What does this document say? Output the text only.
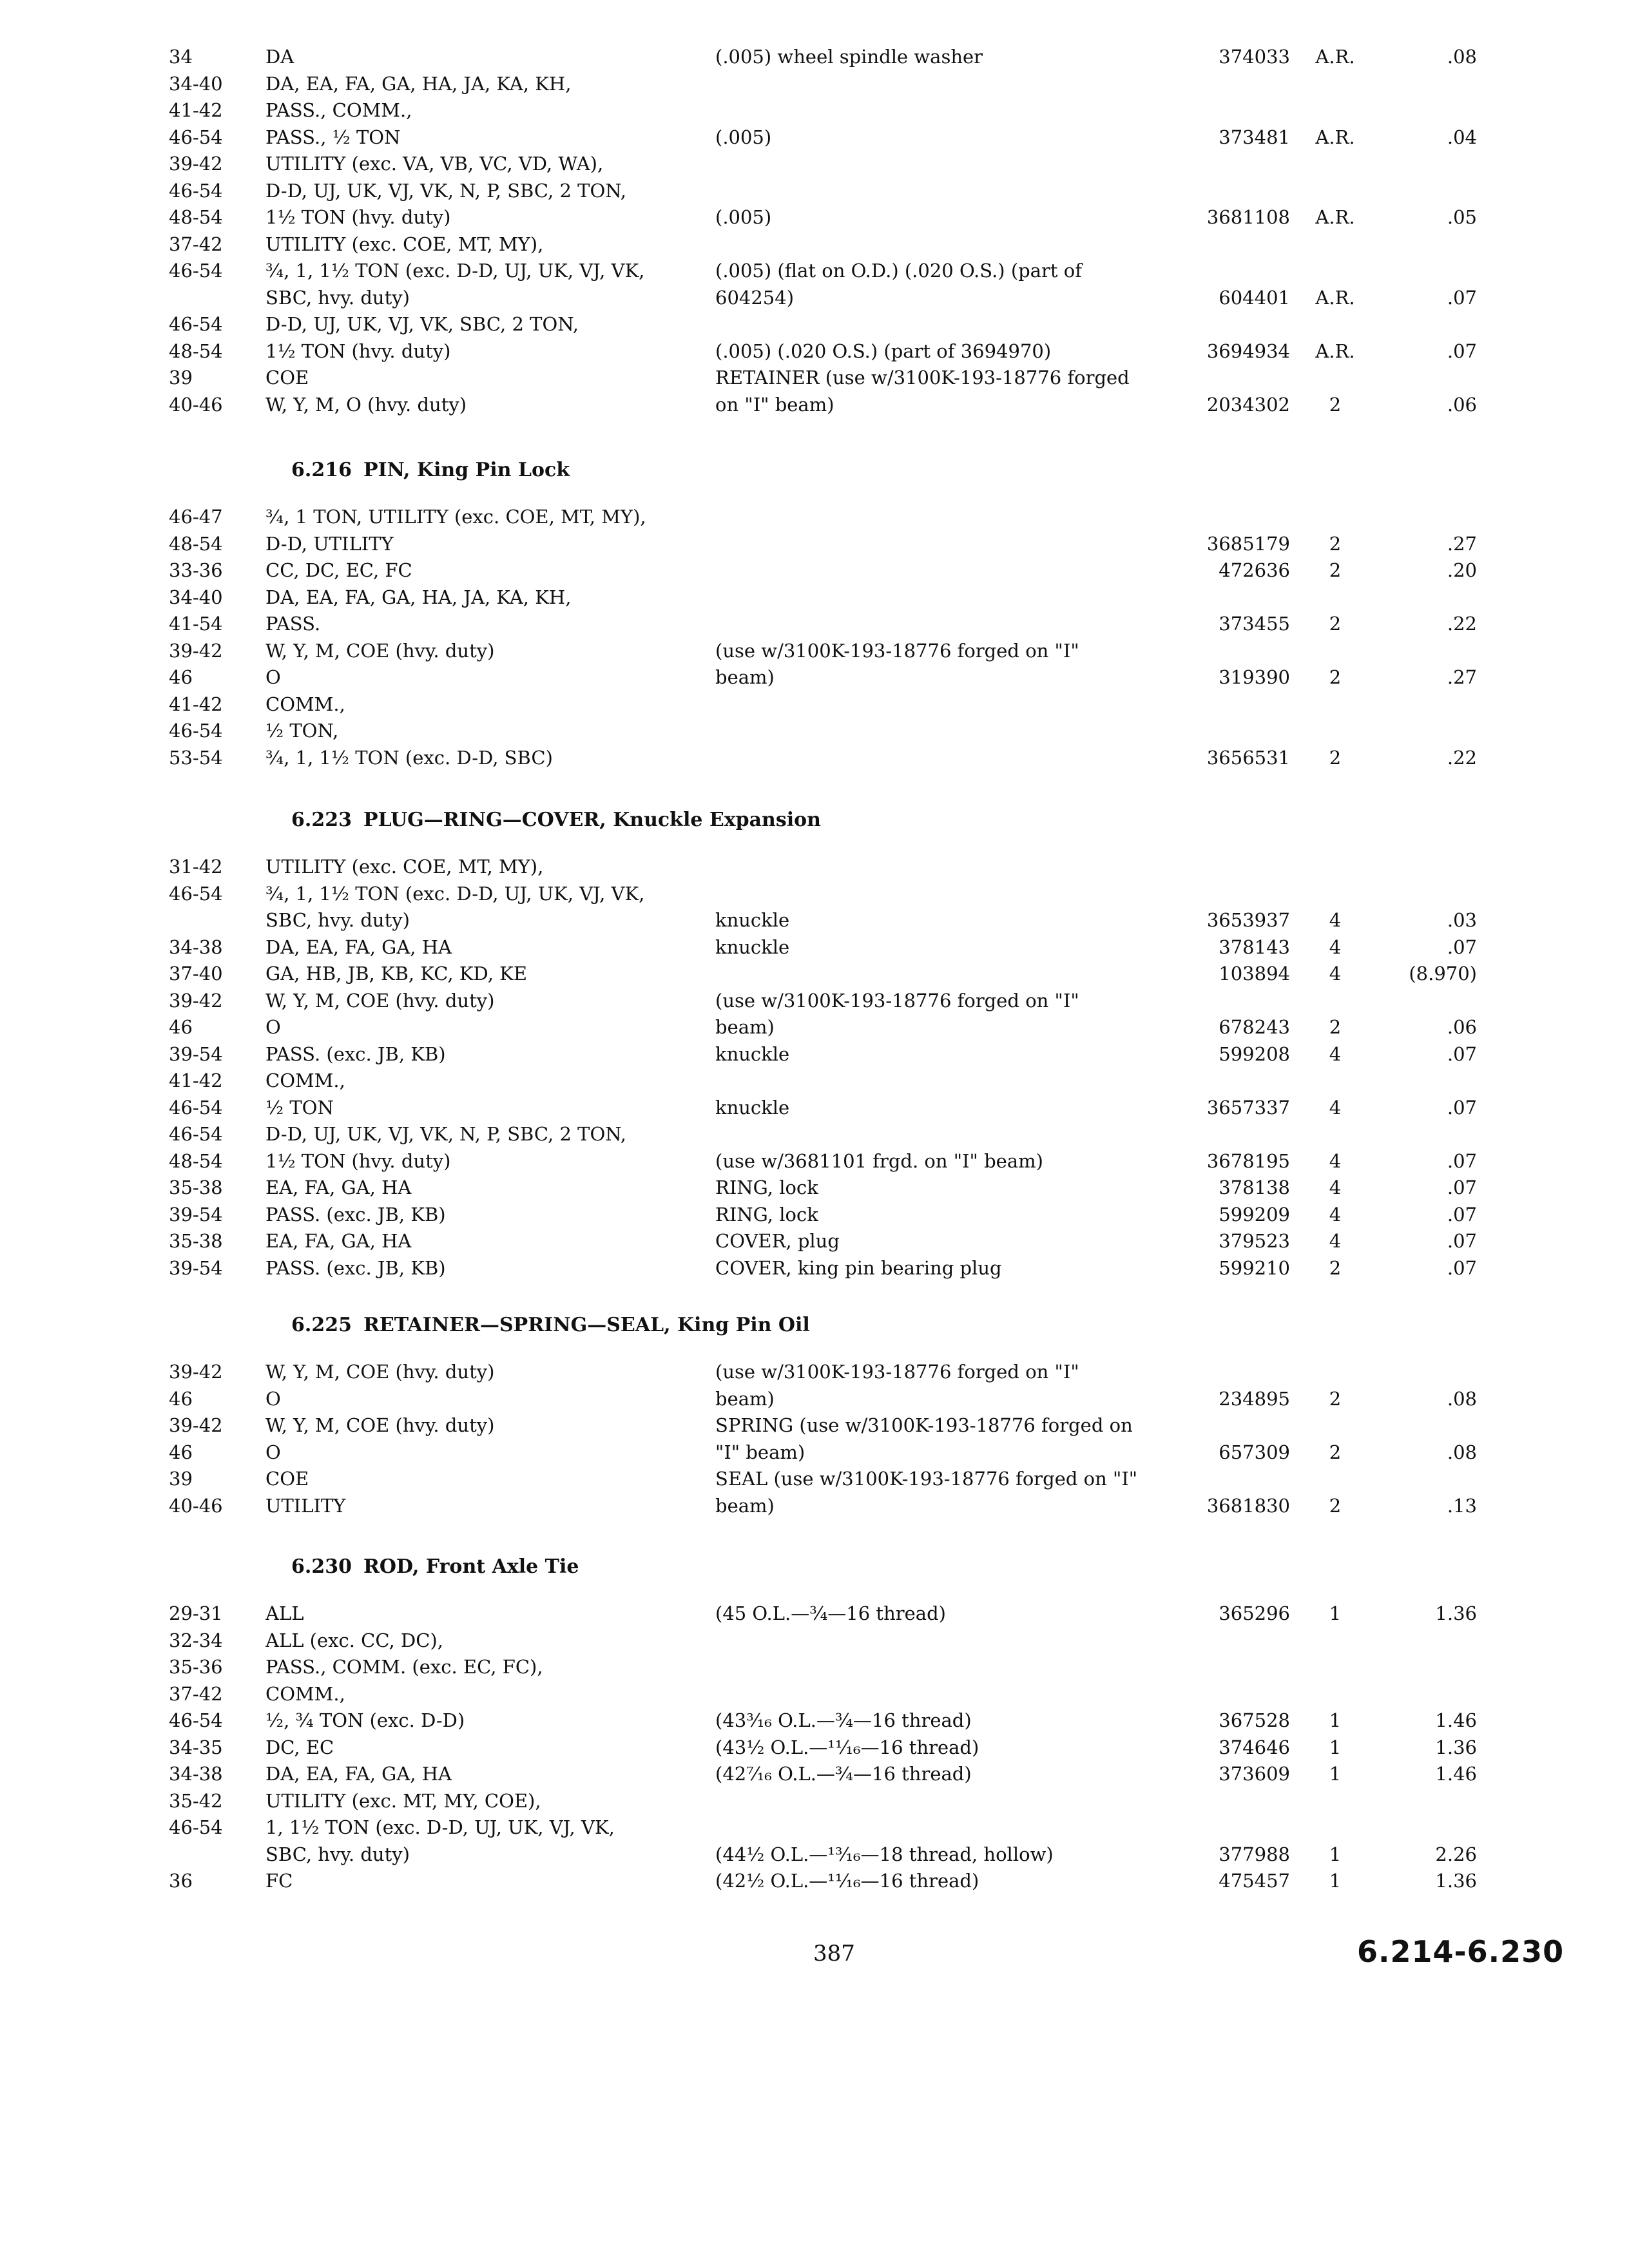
34	DA	(.005) wheel spindle washer	374033	A.R.	.08
34-40	DA, EA, FA, GA, HA, JA, KA, KH,
41-42	PASS., COMM.,
46-54	PASS., ½ TON	(.005)	373481	A.R.	.04
39-42	UTILITY (exc. VA, VB, VC, VD, WA),
46-54	D-D, UJ, UK, VJ, VK, N, P, SBC, 2 TON,
48-54	1½ TON (hvy. duty)	(.005)	3681108	A.R.	.05
37-42	UTILITY (exc. COE, MT, MY),
46-54	¾, 1, 1½ TON (exc. D-D, UJ, UK, VJ, VK,	(.005) (flat on O.D.) (.020 O.S.) (part of
SBC, hvy. duty)	604254)	604401	A.R.	.07
46-54	D-D, UJ, UK, VJ, VK, SBC, 2 TON,
48-54	1½ TON (hvy. duty)	(.005) (.020 O.S.) (part of 3694970)	3694934	A.R.	.07
39	COE	RETAINER (use w/3100K-193-18776 forged
40-46	W, Y, M, O (hvy. duty)	on "I" beam)	2034302	2	.06
6.216 PIN, King Pin Lock
46-47	¾, 1 TON, UTILITY (exc. COE, MT, MY),
48-54	D-D, UTILITY	3685179	2	.27
33-36	CC, DC, EC, FC	472636	2	.20
34-40	DA, EA, FA, GA, HA, JA, KA, KH,
41-54	PASS.	373455	2	.22
39-42	W, Y, M, COE (hvy. duty)	(use w/3100K-193-18776 forged on "I"
46	O	beam)	319390	2	.27
41-42	COMM.,
46-54	½ TON,
53-54	¾, 1, 1½ TON (exc. D-D, SBC)	3656531	2	.22
6.223 PLUG—RING—COVER, Knuckle Expansion
31-42	UTILITY (exc. COE, MT, MY),
46-54	¾, 1, 1½ TON (exc. D-D, UJ, UK, VJ, VK,
SBC, hvy. duty)	knuckle	3653937	4	.03
34-38	DA, EA, FA, GA, HA	knuckle	378143	4	.07
37-40	GA, HB, JB, KB, KC, KD, KE	103894	4	(8.970)
39-42	W, Y, M, COE (hvy. duty)	(use w/3100K-193-18776 forged on "I"
46	O	beam)	678243	2	.06
39-54	PASS. (exc. JB, KB)	knuckle	599208	4	.07
41-42	COMM.,
46-54	½ TON	knuckle	3657337	4	.07
46-54	D-D, UJ, UK, VJ, VK, N, P, SBC, 2 TON,
48-54	1½ TON (hvy. duty)	(use w/3681101 frgd. on "I" beam)	3678195	4	.07
35-38	EA, FA, GA, HA	RING, lock	378138	4	.07
39-54	PASS. (exc. JB, KB)	RING, lock	599209	4	.07
35-38	EA, FA, GA, HA	COVER, plug	379523	4	.07
39-54	PASS. (exc. JB, KB)	COVER, king pin bearing plug	599210	2	.07
6.225 RETAINER—SPRING—SEAL, King Pin Oil
39-42	W, Y, M, COE (hvy. duty)	(use w/3100K-193-18776 forged on "I"
46	O	beam)	234895	2	.08
39-42	W, Y, M, COE (hvy. duty)	SPRING (use w/3100K-193-18776 forged on
46	O	"I" beam)	657309	2	.08
39	COE	SEAL (use w/3100K-193-18776 forged on "I"
40-46	UTILITY	beam)	3681830	2	.13
6.230 ROD, Front Axle Tie
29-31	ALL	(45 O.L.—¾—16 thread)	365296	1	1.36
32-34	ALL (exc. CC, DC),
35-36	PASS., COMM. (exc. EC, FC),
37-42	COMM.,
46-54	½, ¾ TON (exc. D-D)	(43³⁄₁₆ O.L.—¾—16 thread)	367528	1	1.46
34-35	DC, EC	(43½ O.L.—¹¹⁄₁₆—16 thread)	374646	1	1.36
34-38	DA, EA, FA, GA, HA	(42⁷⁄₁₆ O.L.—¾—16 thread)	373609	1	1.46
35-42	UTILITY (exc. MT, MY, COE),
46-54	1, 1½ TON (exc. D-D, UJ, UK, VJ, VK,
SBC, hvy. duty)	(44½ O.L.—¹³⁄₁₆—18 thread, hollow)	377988	1	2.26
36	FC	(42½ O.L.—¹¹⁄₁₆—16 thread)	475457	1	1.36
387	6.214-6.230
